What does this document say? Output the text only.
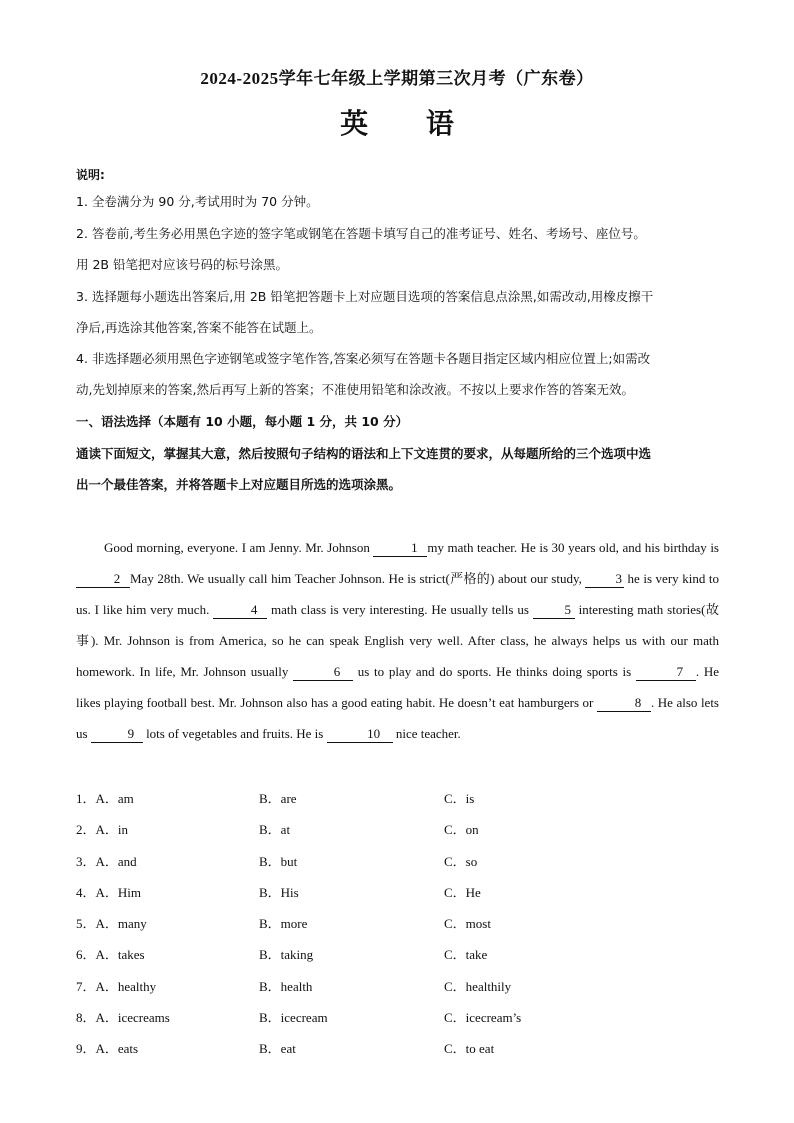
2024-2025学年七年级上学期第三次月考（广东卷）
英 语
说明:
1. 全卷满分为 90 分,考试用时为 70 分钟。
2. 答卷前,考生务必用黑色字迹的签字笔或钢笔在答题卡填写自己的准考证号、姓名、考场号、座位号。
用 2B 铅笔把对应该号码的标号涂黑。
3. 选择题每小题选出答案后,用 2B 铅笔把答题卡上对应题目选项的答案信息点涂黑,如需改动,用橡皮擦干
净后,再选涂其他答案,答案不能答在试题上。
4. 非选择题必须用黑色字迹钢笔或签字笔作答,答案必须写在答题卡各题目指定区域内相应位置上;如需改
动,先划掉原来的答案,然后再写上新的答案；不准使用铅笔和涂改液。不按以上要求作答的答案无效。
一、语法选择（本题有 10 小题，每小题 1 分，共 10 分）
通读下面短文，掌握其大意，然后按照句子结构的语法和上下文连贯的要求，从每题所给的三个选项中选
出一个最佳答案，并将答题卡上对应题目所选的选项涂黑。

Good morning, everyone. I am Jenny. Mr. Johnson	1 my math teacher. He is 30 years old, and his birthday is 2 May 28th. We usually call him Teacher Johnson. He is strict(严格的) about our study, 3 he is very kind to us. I like him very much.	4 math class is very interesting. He usually tells us 5 interesting math stories(故事). Mr. Johnson is from America, so he can speak English very well. After class, he always helps us with our math homework. In life, Mr. Johnson usually	6 us to play and do sports. He thinks doing sports is	7 . He likes playing football best. Mr. Johnson also has a good eating habit. He doesn’t eat hamburgers or	8 . He also lets us	9 lots of vegetables and fruits. He is	10 nice teacher.

1．A．am	B．are	C．is
2．A．in	B．at	C．on
3．A．and	B．but	C．so
4．A．Him	B．His	C．He
5．A．many	B．more	C．most
6．A．takes	B．taking	C．take
7．A．healthy	B．health	C．healthily
8．A．icecreams	B．icecream	C．icecream’s
9．A．eats	B．eat	C．to eat
